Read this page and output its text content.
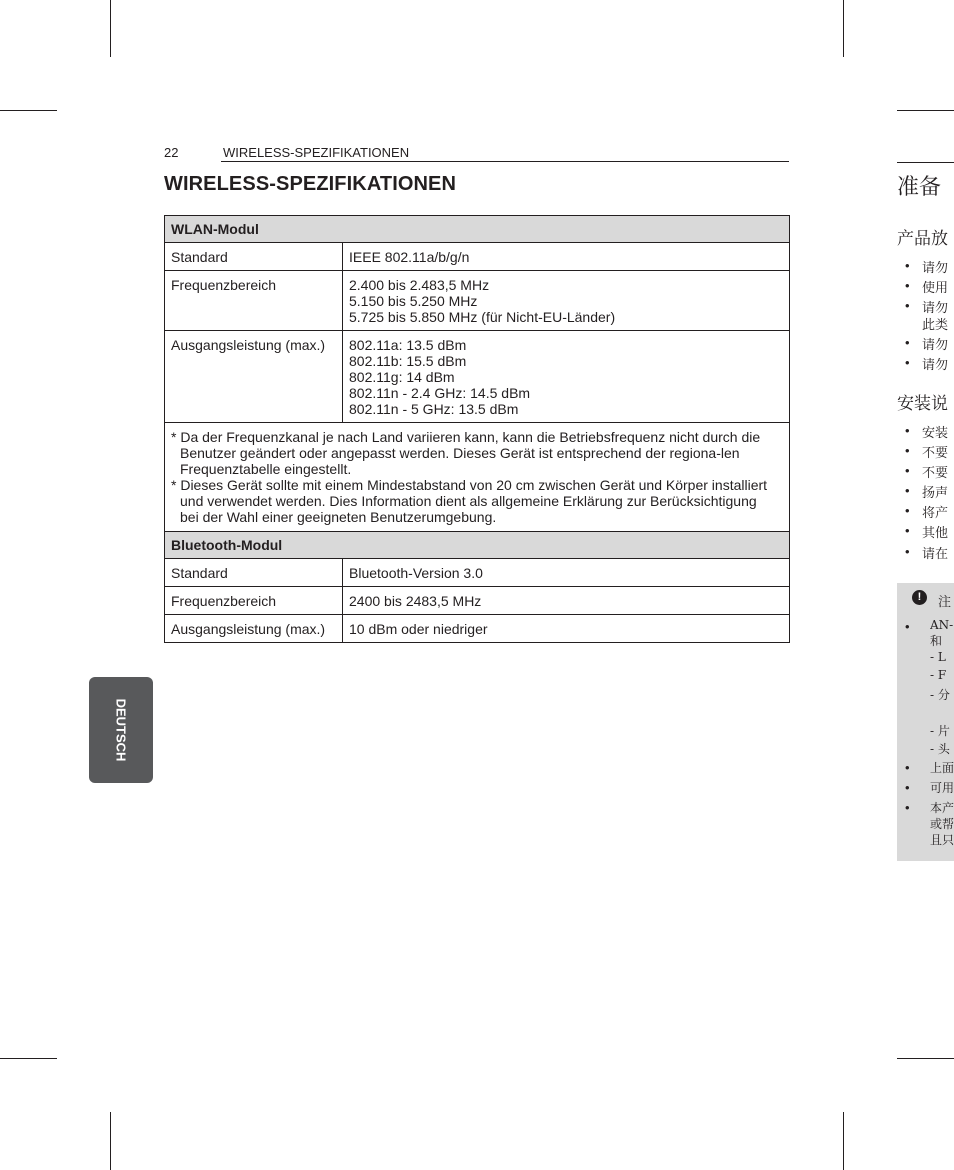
22	WIRELESS-SPEZIFIKATIONEN
WIRELESS-SPEZIFIKATIONEN
WLAN-Modul	
Standard	IEEE 802.11a/b/g/n

Frequenzbereich	2.400 bis 2.483,5 MHz
5.150 bis 5.250 MHz
5.725 bis 5.850 MHz (für Nicht-EU-Länder)

Ausgangsleistung (max.)	802.11a: 13.5 dBm
802.11b: 15.5 dBm
802.11g: 14 dBm
802.11n - 2.4 GHz: 14.5 dBm
802.11n - 5 GHz: 13.5 dBm

* Da der Frequenzkanal je nach Land variieren kann, kann die Betriebsfrequenz nicht durch die Benutzer geändert oder angepasst werden. Dieses Gerät ist entsprechend der regiona-len Frequenztabelle eingestellt.
* Dieses Gerät sollte mit einem Mindestabstand von 20 cm zwischen Gerät und Körper installiert und verwendet werden. Dies Information dient als allgemeine Erklärung zur Berücksichtigung bei der Wahl einer geeigneten Benutzerumgebung.	

Bluetooth-Modul	
Standard	Bluetooth-Version 3.0
Frequenzbereich	2400 bis 2483,5 MHz
Ausgangsleistung (max.)	10 dBm oder niedriger
DEUTSCH
准备
产品放
• 请勿
• 使用
• 请勿
此类
• 请勿
• 请勿
安装说
• 安装
• 不要
• 不要
• 扬声
• 将产
• 其他
• 请在
!	注
• AN-
和
- L
- F
- 分
- 片
- 头
• 上面
• 可用
• 本产
或帮
且只
